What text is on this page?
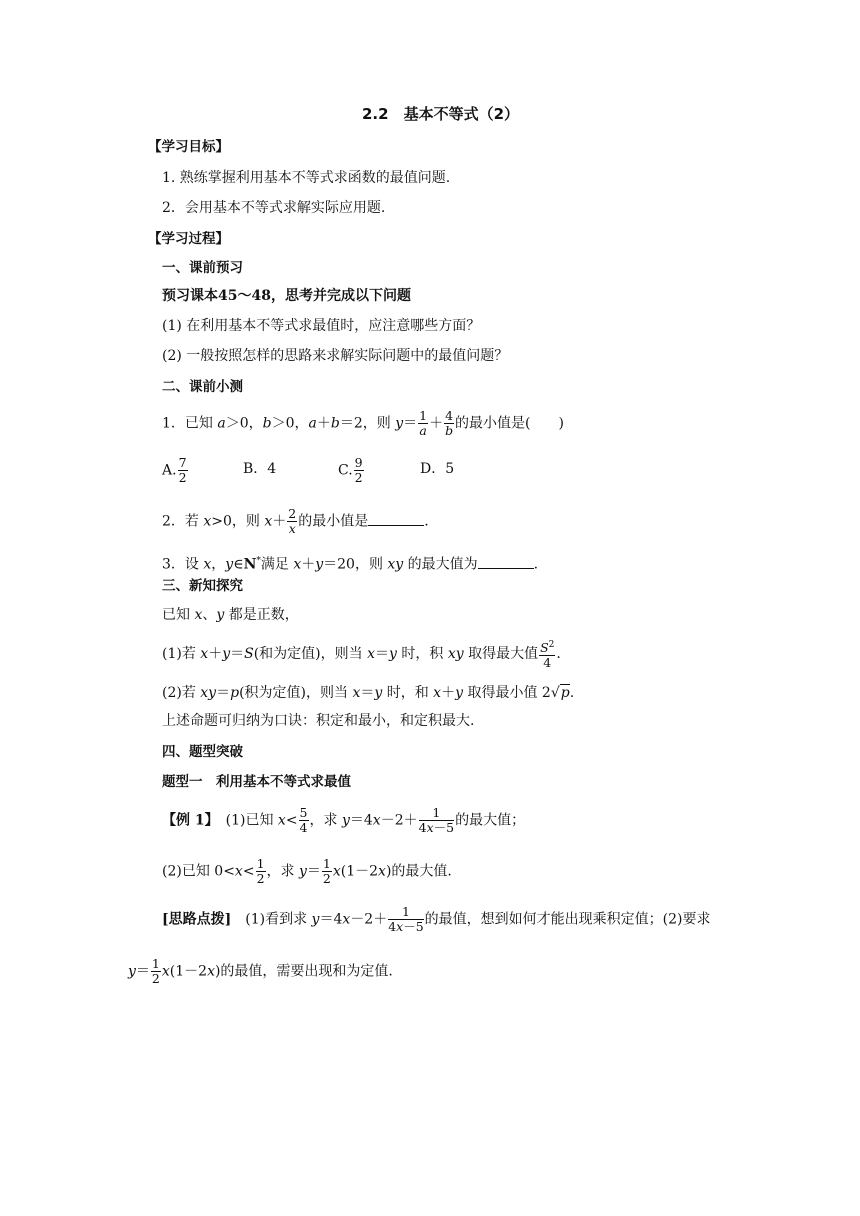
2.2　基本不等式（2）
【学习目标】
1. 熟练掌握利用基本不等式求函数的最值问题.
2．会用基本不等式求解实际应用题.
【学习过程】
一、课前预习
预习课本45～48，思考并完成以下问题
(1) 在利用基本不等式求最值时，应注意哪些方面？
(2) 一般按照怎样的思路来求解实际问题中的最值问题？
二、课前小测
1．已知 a＞0，b＞0，a＋b＝2，则 $y= \frac{1}{a} + \frac{4}{b}$ 的最小值是(　　)
A. $\frac{7}{2}$	B．4	C. $\frac{9}{2}$	D．5
2．若 x>0，则 $x+ \frac{2}{x}$ 的最小值是	.
3．设 x，y∈N*满足 x＋y＝20，则 xy 的最大值为	.
三、新知探究
已知 x、y 都是正数，
(1)若 x＋y＝S(和为定值)，则当 x＝y 时，积 xy 取得最大值 $\frac{S^2}{4}$ .
(2)若 xy＝p(积为定值)，则当 x＝y 时，和 x＋y 取得最小值 2√p.
上述命题可归纳为口诀：积定和最小，和定积最大.
四、题型突破
题型一　利用基本不等式求最值
【例 1】　(1)已知 $x< \frac{5}{4}$ ，求 $y=4x-2+ \frac{1}{4x-5}$ 的最大值；
(2)已知 $0<x< \frac{1}{2}$ ，求 $y= \frac{1}{2} x(1-2x)$的最大值.
[思路点拨]　(1)看到求 $y=4x-2+ \frac{1}{4x-5}$ 的最值，想到如何才能出现乘积定值；(2)要求
$y= \frac{1}{2} x(1-2x)$的最值，需要出现和为定值.
